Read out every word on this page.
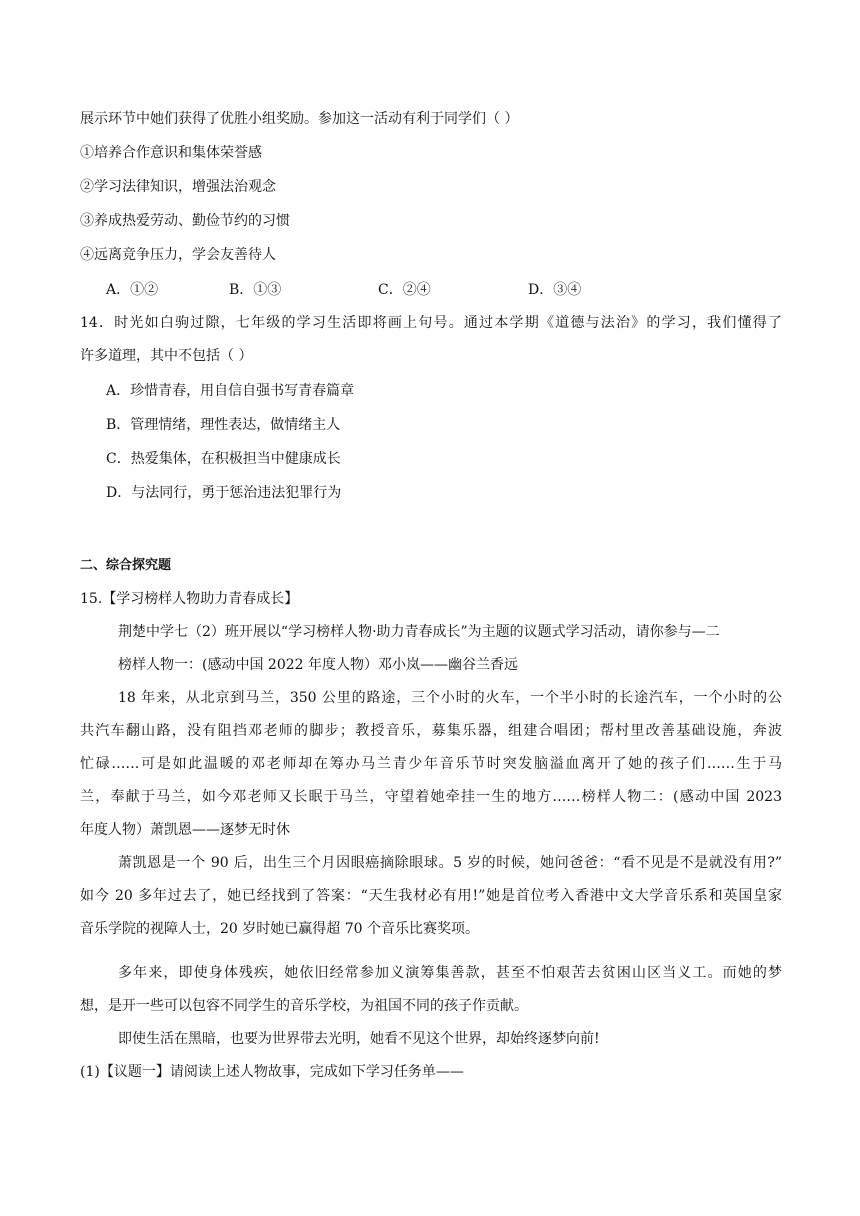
展示环节中她们获得了优胜小组奖励。参加这一活动有利于同学们（ ）
①培养合作意识和集体荣誉感
②学习法律知识，增强法治观念
③养成热爱劳动、勤俭节约的习惯
④远离竞争压力，学会友善待人
A．①②	B．①③	C．②④	D．③④
14．时光如白驹过隙，七年级的学习生活即将画上句号。通过本学期《道德与法治》的学习，我们懂得了
许多道理，其中不包括（ ）
A．珍惜青春，用自信自强书写青春篇章
B．管理情绪，理性表达，做情绪主人
C．热爱集体，在积极担当中健康成长
D．与法同行，勇于惩治违法犯罪行为
二、综合探究题
15.【学习榜样人物助力青春成长】
荆楚中学七（2）班开展以“学习榜样人物·助力青春成长”为主题的议题式学习活动，请你参与—二
榜样人物一：(感动中国 2022 年度人物）邓小岚——幽谷兰香远
18 年来，从北京到马兰，350 公里的路途，三个小时的火车，一个半小时的长途汽车，一个小时的公
共汽车翻山路，没有阻挡邓老师的脚步；教授音乐，募集乐器，组建合唱团；帮村里改善基础设施，奔波
忙碌……可是如此温暖的邓老师却在筹办马兰青少年音乐节时突发脑溢血离开了她的孩子们……生于马
兰，奉献于马兰，如今邓老师又长眠于马兰，守望着她牵挂一生的地方……榜样人物二：(感动中国 2023
年度人物）萧凯恩——逐梦无时休
萧凯恩是一个 90 后，出生三个月因眼癌摘除眼球。5 岁的时候，她问爸爸：“看不见是不是就没有用?”
如今 20 多年过去了，她已经找到了答案：“天生我材必有用!”她是首位考入香港中文大学音乐系和英国皇家
音乐学院的视障人士，20 岁时她已赢得超 70 个音乐比赛奖项。
多年来，即使身体残疾，她依旧经常参加义演筹集善款，甚至不怕艰苦去贫困山区当义工。而她的梦
想，是开一些可以包容不同学生的音乐学校，为祖国不同的孩子作贡献。
即使生活在黑暗，也要为世界带去光明，她看不见这个世界，却始终逐梦向前!
(1)【议题一】请阅读上述人物故事，完成如下学习任务单——
